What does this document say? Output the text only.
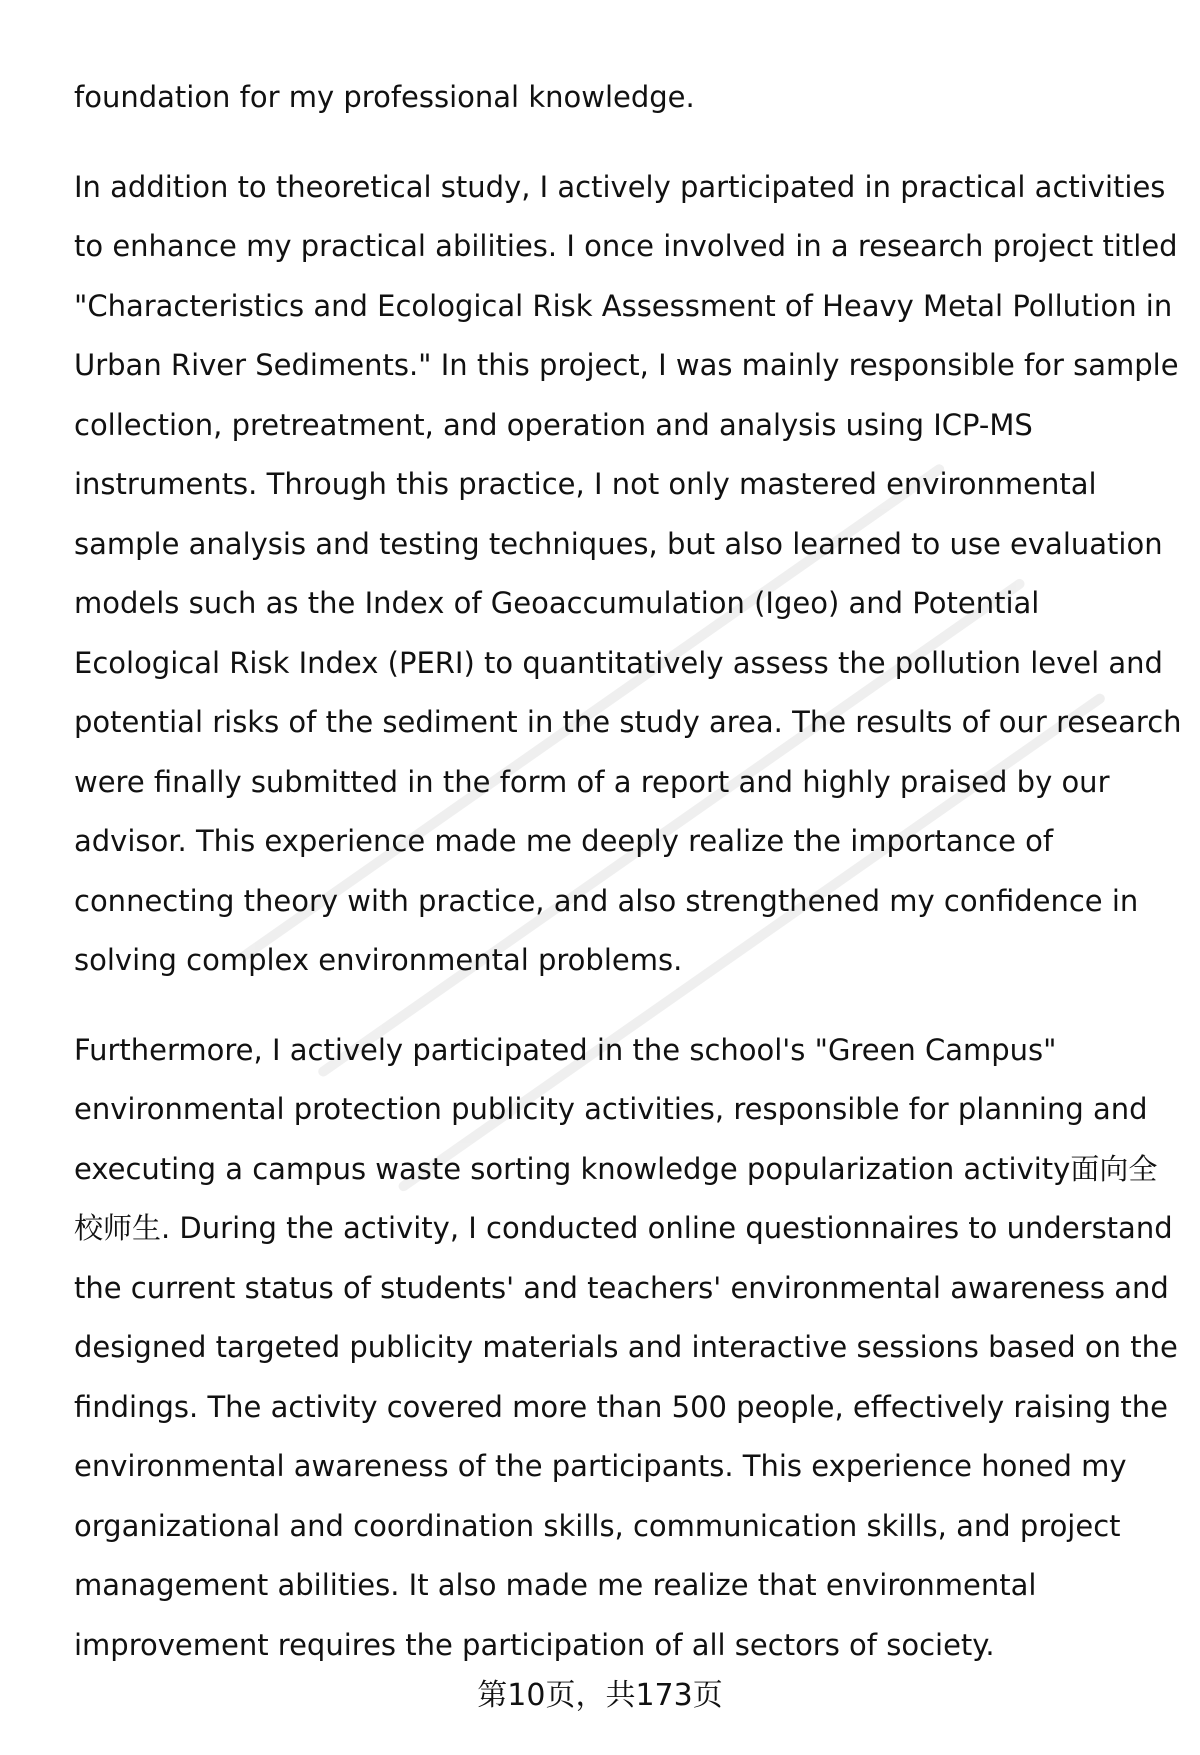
foundation for my professional knowledge.

In addition to theoretical study, I actively participated in practical activities
to enhance my practical abilities. I once involved in a research project titled
"Characteristics and Ecological Risk Assessment of Heavy Metal Pollution in
Urban River Sediments." In this project, I was mainly responsible for sample
collection, pretreatment, and operation and analysis using ICP-MS
instruments. Through this practice, I not only mastered environmental
sample analysis and testing techniques, but also learned to use evaluation
models such as the Index of Geoaccumulation (Igeo) and Potential
Ecological Risk Index (PERI) to quantitatively assess the pollution level and
potential risks of the sediment in the study area. The results of our research
were finally submitted in the form of a report and highly praised by our
advisor. This experience made me deeply realize the importance of
connecting theory with practice, and also strengthened my confidence in
solving complex environmental problems.

Furthermore, I actively participated in the school's "Green Campus"
environmental protection publicity activities, responsible for planning and
executing a campus waste sorting knowledge popularization activity面向全
校师生. During the activity, I conducted online questionnaires to understand
the current status of students' and teachers' environmental awareness and
designed targeted publicity materials and interactive sessions based on the
findings. The activity covered more than 500 people, effectively raising the
environmental awareness of the participants. This experience honed my
organizational and coordination skills, communication skills, and project
management abilities. It also made me realize that environmental
improvement requires the participation of all sectors of society.

第10页，共173页
